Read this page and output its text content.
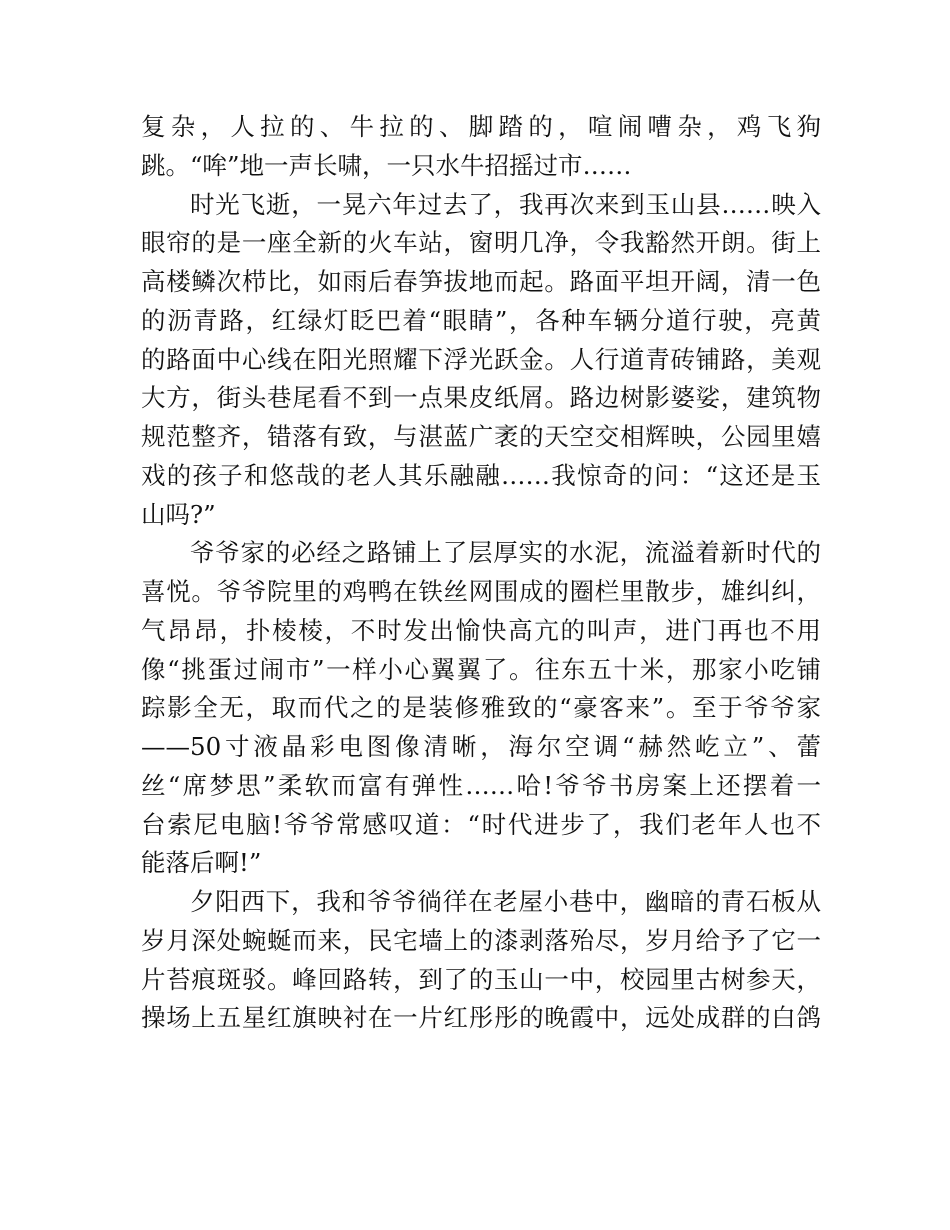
复杂，人拉的、牛拉的、脚踏的，喧闹嘈杂，鸡飞狗
跳。“哞”地一声长啸，一只水牛招摇过市……
时光飞逝，一晃六年过去了，我再次来到玉山县……映入
眼帘的是一座全新的火车站，窗明几净，令我豁然开朗。街上
高楼鳞次栉比，如雨后春笋拔地而起。路面平坦开阔，清一色
的沥青路，红绿灯眨巴着“眼睛”，各种车辆分道行驶，亮黄
的路面中心线在阳光照耀下浮光跃金。人行道青砖铺路，美观
大方，街头巷尾看不到一点果皮纸屑。路边树影婆娑，建筑物
规范整齐，错落有致，与湛蓝广袤的天空交相辉映，公园里嬉
戏的孩子和悠哉的老人其乐融融……我惊奇的问：“这还是玉
山吗?”
爷爷家的必经之路铺上了层厚实的水泥，流溢着新时代的
喜悦。爷爷院里的鸡鸭在铁丝网围成的圈栏里散步，雄纠纠，
气昂昂，扑棱棱，不时发出愉快高亢的叫声，进门再也不用
像“挑蛋过闹市”一样小心翼翼了。往东五十米，那家小吃铺
踪影全无，取而代之的是装修雅致的“豪客来”。至于爷爷家
——50寸液晶彩电图像清晰，海尔空调“赫然屹立”、蕾
丝“席梦思”柔软而富有弹性……哈!爷爷书房案上还摆着一
台索尼电脑!爷爷常感叹道：“时代进步了，我们老年人也不
能落后啊!”
夕阳西下，我和爷爷徜徉在老屋小巷中，幽暗的青石板从
岁月深处蜿蜒而来，民宅墙上的漆剥落殆尽，岁月给予了它一
片苔痕斑驳。峰回路转，到了的玉山一中，校园里古树参天，
操场上五星红旗映衬在一片红彤彤的晚霞中，远处成群的白鸽
